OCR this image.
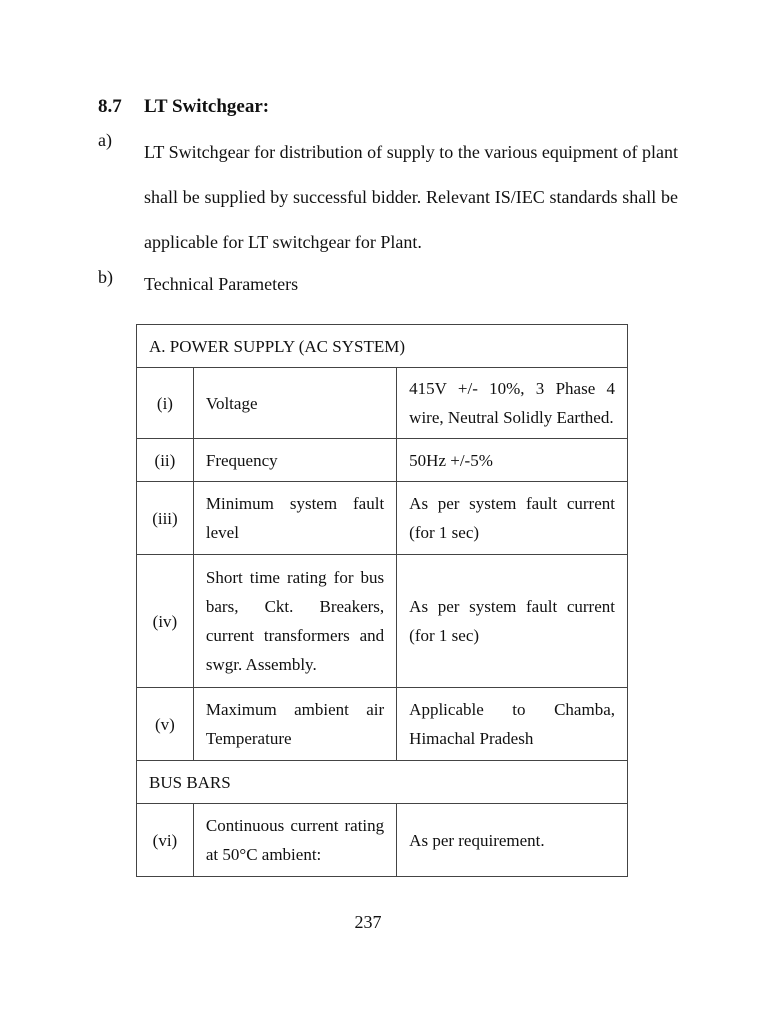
8.7 LT Switchgear:
a)
LT Switchgear for distribution of supply to the various equipment of plant shall be supplied by successful bidder. Relevant IS/IEC standards shall be applicable for LT switchgear for Plant.
b) Technical Parameters
A. POWER SUPPLY (AC SYSTEM)		
(i)	Voltage	415V +/- 10%, 3 Phase 4 wire, Neutral Solidly Earthed.
(ii)	Frequency	50Hz +/-5%
(iii)	Minimum system fault level	As per system fault current (for 1 sec)
(iv)	Short time rating for bus bars, Ckt. Breakers, current transformers and swgr. Assembly.	As per system fault current (for 1 sec)
(v)	Maximum ambient air Temperature	Applicable to Chamba, Himachal Pradesh
BUS BARS		
(vi)	Continuous current rating at 50°C ambient:	As per requirement.
237
